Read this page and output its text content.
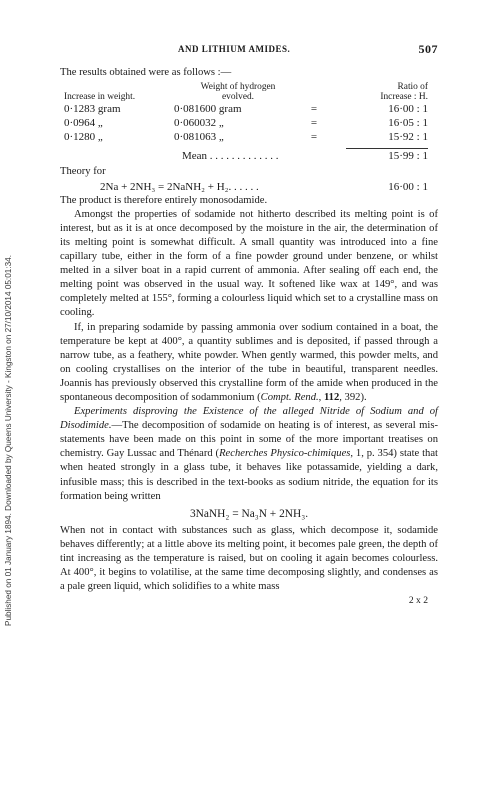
Published on 01 January 1894. Downloaded by Queens University - Kingston on 27/10/2014 05:01:34.
AND LITHIUM AMIDES.	507

The results obtained were as follows :—

Increase in weight.	Weight of hydrogen
evolved.		Ratio of
Increase : H.
0·1283 gram	0·081600 gram	=	16·00 : 1
0·0964 „	0·060032 „	=	16·05 : 1
0·1280 „	0·081063 „	=	15·92 : 1

	Mean . . . . . . . . . . . . .		15·99 : 1
Theory for
2Na + 2NH₃ = 2NaNH₂ + H₂. . . . . .	16·00 : 1

The product is therefore entirely monosodamide.

Amongst the properties of sodamide not hitherto described its melting point is of interest, but as it is at once decomposed by the moisture in the air, the determination of its melting point is somewhat difficult. A small quantity was introduced into a fine capillary tube, either in the form of a fine powder ground under benzene, or whilst melted in a silver boat in a rapid current of ammonia. After sealing off each end, the melting point was observed in the usual way. It softened like wax at 149°, and was completely melted at 155°, forming a colourless liquid which set to a crystalline mass on cooling.

If, in preparing sodamide by passing ammonia over sodium contained in a boat, the temperature be kept at 400°, a quantity sublimes and is deposited, if passed through a narrow tube, as a feathery, white powder. When gently warmed, this powder melts, and on cooling crystallises on the interior of the tube in beautiful, transparent needles. Joannis has previously observed this crystalline form of the amide when produced in the spontaneous decomposition of sodammonium (Compt. Rend., 112, 392).

Experiments disproving the Existence of the alleged Nitride of Sodium and of Disodimide.—The decomposition of sodamide on heating is of interest, as several mis-statements have been made on this point in some of the more important treatises on chemistry. Gay Lussac and Thénard (Recherches Physico-chimiques, 1, p. 354) state that when heated strongly in a glass tube, it behaves like potassamide, yielding a dark, infusible mass; this is described in the text-books as sodium nitride, the equation for its formation being written

3NaNH₂ = Na₃N + 2NH₃.

When not in contact with substances such as glass, which decompose it, sodamide behaves differently; at a little above its melting point, it becomes pale green, the depth of tint increasing as the temperature is raised, but on cooling it again becomes colourless. At 400°, it begins to volatilise, at the same time decomposing slightly, and condenses as a pale green liquid, which solidifies to a white mass

2 x 2
